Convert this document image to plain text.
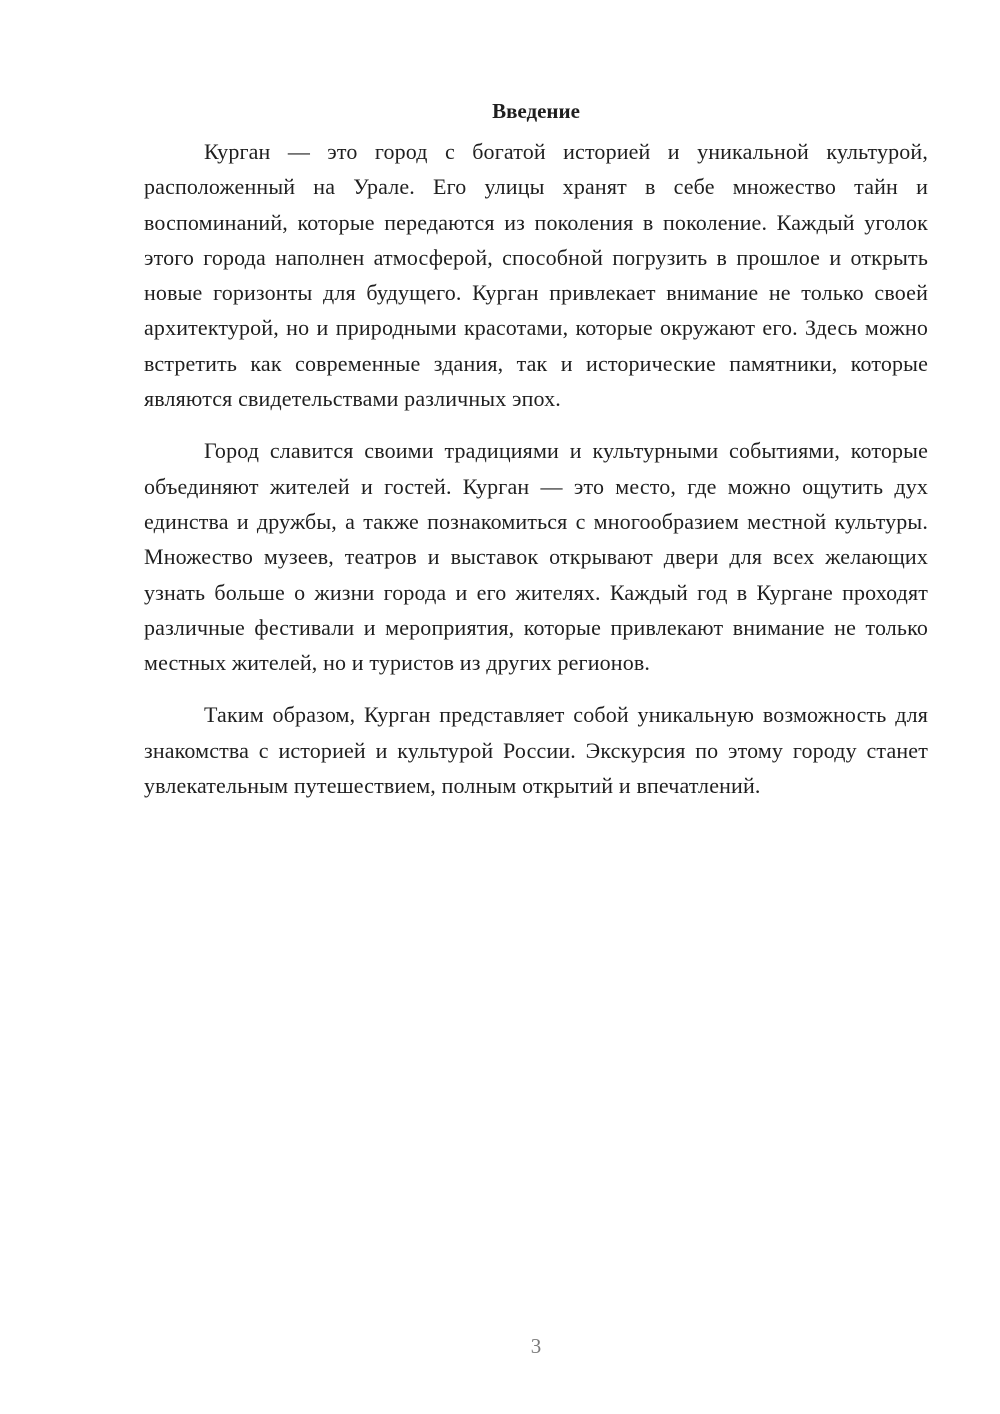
Введение

Курган — это город с богатой историей и уникальной культурой, расположенный на Урале. Его улицы хранят в себе множество тайн и воспоминаний, которые передаются из поколения в поколение. Каждый уголок этого города наполнен атмосферой, способной погрузить в прошлое и открыть новые горизонты для будущего. Курган привлекает внимание не только своей архитектурой, но и природными красотами, которые окружают его. Здесь можно встретить как современные здания, так и исторические памятники, которые являются свидетельствами различных эпох.

Город славится своими традициями и культурными событиями, которые объединяют жителей и гостей. Курган — это место, где можно ощутить дух единства и дружбы, а также познакомиться с многообразием местной культуры. Множество музеев, театров и выставок открывают двери для всех желающих узнать больше о жизни города и его жителях. Каждый год в Кургане проходят различные фестивали и мероприятия, которые привлекают внимание не только местных жителей, но и туристов из других регионов.

Таким образом, Курган представляет собой уникальную возможность для знакомства с историей и культурой России. Экскурсия по этому городу станет увлекательным путешествием, полным открытий и впечатлений.

3
